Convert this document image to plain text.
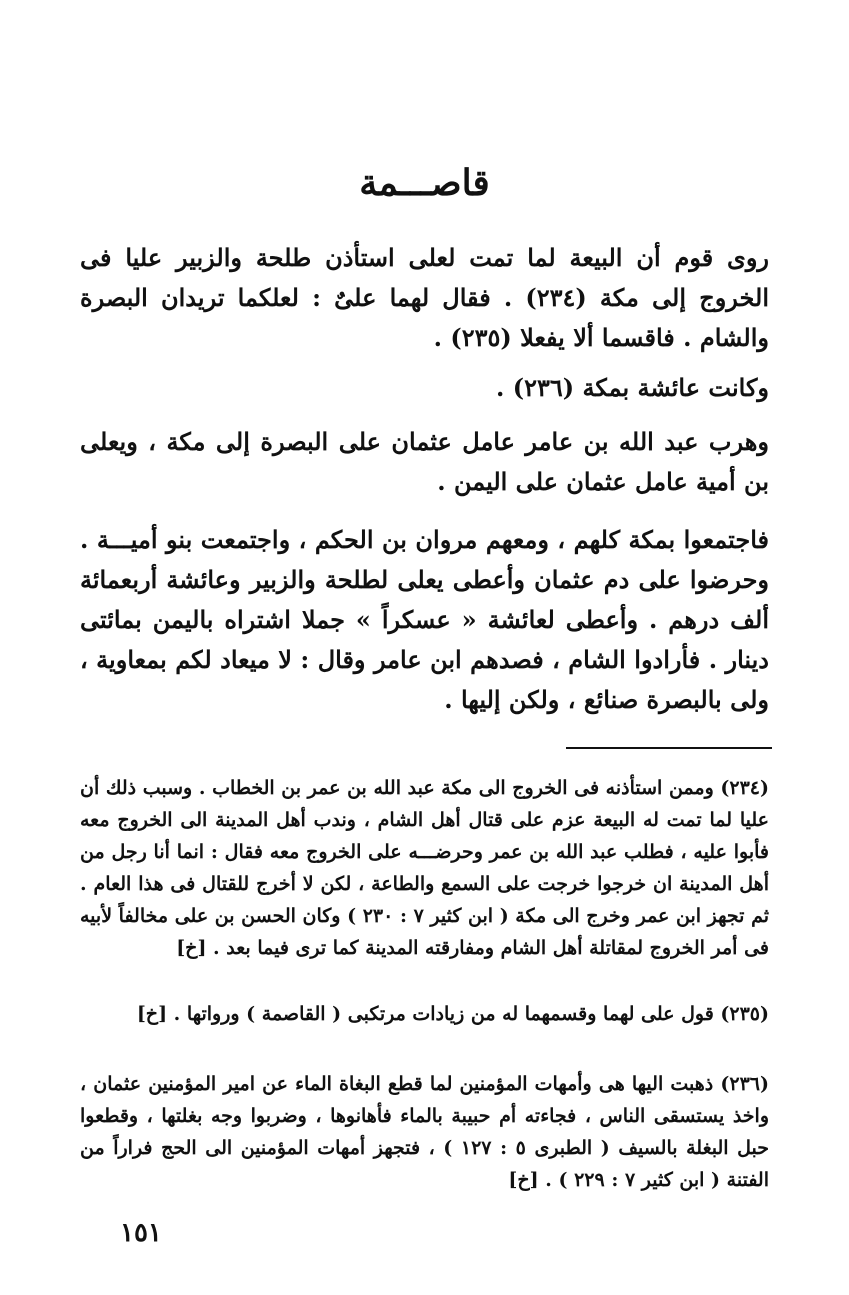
قاصـــمة

روى قوم أن البيعة لما تمت لعلى استأذن طلحة والزبير عليا فى الخروج إلى مكة (٢٣٤) . فقال لهما علىٌ : لعلكما تريدان البصرة والشام . فاقسما ألا يفعلا (٢٣٥) .

وكانت عائشة بمكة (٢٣٦) .

وهرب عبد الله بن عامر عامل عثمان على البصرة إلى مكة ، ويعلى بن أمية عامل عثمان على اليمن .

فاجتمعوا بمكة كلهم ، ومعهم مروان بن الحكم ، واجتمعت بنو أميـــة . وحرضوا على دم عثمان وأعطى يعلى لطلحة والزبير وعائشة أربعمائة ألف درهم . وأعطى لعائشة « عسكراً » جملا اشتراه باليمن بمائتى دينار . فأرادوا الشام ، فصدهم ابن عامر وقال : لا ميعاد لكم بمعاوية ، ولى بالبصرة صنائع ، ولكن إليها .

(٢٣٤) وممن استأذنه فى الخروج الى مكة عبد الله بن عمر بن الخطاب . وسبب ذلك أن عليا لما تمت له البيعة عزم على قتال أهل الشام ، وندب أهل المدينة الى الخروج معه فأبوا عليه ، فطلب عبد الله بن عمر وحرضـــه على الخروج معه فقال : انما أنا رجل من أهل المدينة ان خرجوا خرجت على السمع والطاعة ، لكن لا أخرج للقتال فى هذا العام . ثم تجهز ابن عمر وخرج الى مكة ( ابن كثير ٧ : ٢٣٠ ) وكان الحسن بن على مخالفاً لأبيه فى أمر الخروج لمقاتلة أهل الشام ومفارقته المدينة كما ترى فيما بعد . [خ]

(٢٣٥) قول على لهما وقسمهما له من زيادات مرتكبى ( القاصمة ) ورواتها . [خ]

(٢٣٦) ذهبت اليها هى وأمهات المؤمنين لما قطع البغاة الماء عن امير المؤمنين عثمان ، واخذ يستسقى الناس ، فجاءته أم حبيبة بالماء فأهانوها ، وضربوا وجه بغلتها ، وقطعوا حبل البغلة بالسيف ( الطبرى ٥ : ١٢٧ ) ، فتجهز أمهات المؤمنين الى الحج فراراً من الفتنة ( ابن كثير ٧ : ٢٢٩ ) . [خ]

١٥١
